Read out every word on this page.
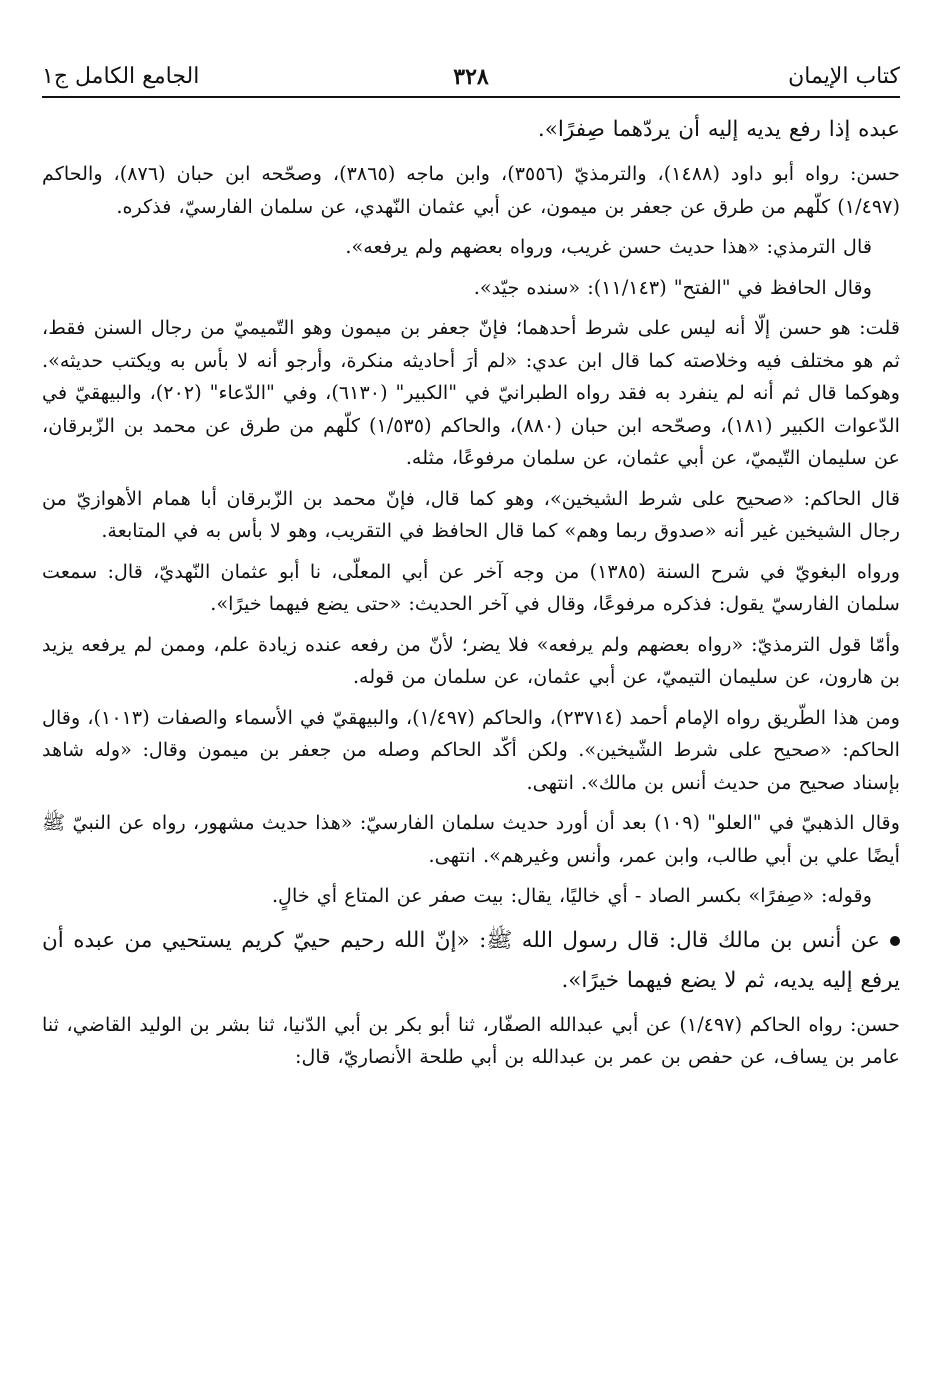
كتاب الإيمان
٣٢٨
الجامع الكامل ج١

عبده إذا رفع يديه إليه أن يردّهما صِفرًا».

حسن: رواه أبو داود (١٤٨٨)، والترمذيّ (٣٥٥٦)، وابن ماجه (٣٨٦٥)، وصحّحه ابن حبان (٨٧٦)، والحاكم (١/٤٩٧) كلّهم من طرق عن جعفر بن ميمون، عن أبي عثمان النّهدي، عن سلمان الفارسيّ، فذكره.

قال الترمذي: «هذا حديث حسن غريب، ورواه بعضهم ولم يرفعه».

وقال الحافظ في "الفتح" (١١/١٤٣): «سنده جيّد».

قلت: هو حسن إلّا أنه ليس على شرط أحدهما؛ فإنّ جعفر بن ميمون وهو التّميميّ من رجال السنن فقط، ثم هو مختلف فيه وخلاصته كما قال ابن عدي: «لم أرَ أحاديثه منكرة، وأرجو أنه لا بأس به ويكتب حديثه». وهوكما قال ثم أنه لم ينفرد به فقد رواه الطبرانيّ في "الكبير" (٦١٣٠)، وفي "الدّعاء" (٢٠٢)، والبيهقيّ في الدّعوات الكبير (١٨١)، وصحّحه ابن حبان (٨٨٠)، والحاكم (١/٥٣٥) كلّهم من طرق عن محمد بن الزّبرقان، عن سليمان التّيميّ، عن أبي عثمان، عن سلمان مرفوعًا، مثله.

قال الحاكم: «صحيح على شرط الشيخين»، وهو كما قال، فإنّ محمد بن الزّبرقان أبا همام الأهوازيّ من رجال الشيخين غير أنه «صدوق ربما وهم» كما قال الحافظ في التقريب، وهو لا بأس به في المتابعة.

ورواه البغويّ في شرح السنة (١٣٨٥) من وجه آخر عن أبي المعلّى، نا أبو عثمان النّهديّ، قال: سمعت سلمان الفارسيّ يقول: فذكره مرفوعًا، وقال في آخر الحديث: «حتى يضع فيهما خيرًا».

وأمّا قول الترمذيّ: «رواه بعضهم ولم يرفعه» فلا يضر؛ لأنّ من رفعه عنده زيادة علم، وممن لم يرفعه يزيد بن هارون، عن سليمان التيميّ، عن أبي عثمان، عن سلمان من قوله.

ومن هذا الطّريق رواه الإمام أحمد (٢٣٧١٤)، والحاكم (١/٤٩٧)، والبيهقيّ في الأسماء والصفات (١٠١٣)، وقال الحاكم: «صحيح على شرط الشّيخين». ولكن أكّد الحاكم وصله من جعفر بن ميمون وقال: «وله شاهد بإسناد صحيح من حديث أنس بن مالك». انتهى.

وقال الذهبيّ في "العلو" (١٠٩) بعد أن أورد حديث سلمان الفارسيّ: «هذا حديث مشهور، رواه عن النبيّ ﷺ أيضًا علي بن أبي طالب، وابن عمر، وأنس وغيرهم». انتهى.

وقوله: «صِفرًا» بكسر الصاد - أي خاليًا، يقال: بيت صفر عن المتاع أي خالٍ.

عن أنس بن مالك قال: قال رسول الله ﷺ: «إنّ الله رحيم حييّ كريم يستحيي من عبده أن يرفع إليه يديه، ثم لا يضع فيهما خيرًا».

حسن: رواه الحاكم (١/٤٩٧) عن أبي عبدالله الصفّار، ثنا أبو بكر بن أبي الدّنيا، ثنا بشر بن الوليد القاضي، ثنا عامر بن يساف، عن حفص بن عمر بن عبدالله بن أبي طلحة الأنصاريّ، قال:
